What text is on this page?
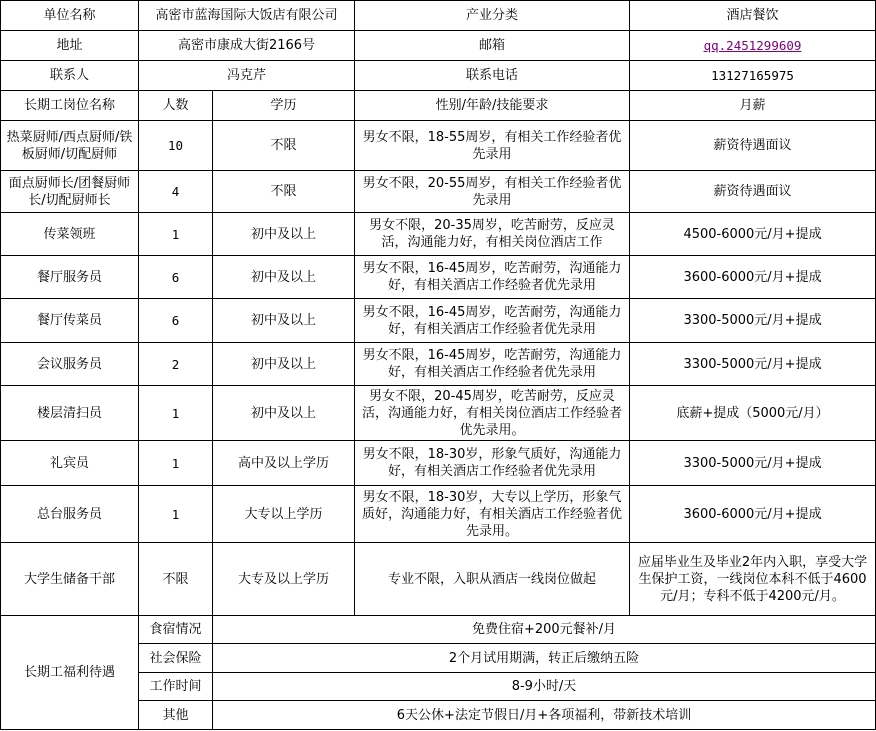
单位名称	高密市蓝海国际大饭店有限公司		产业分类	酒店餐饮
地址	高密市康成大街2166号		邮箱	qq.2451299609
联系人	冯克芹		联系电话	13127165975
长期工岗位名称	人数	学历	性别/年龄/技能要求	月薪

热菜厨师/西点厨师/铁板厨师/切配厨师	10	不限	男女不限，18-55周岁，有相关工作经验者优先录用	薪资待遇面议
面点厨师长/团餐厨师长/切配厨师长	4	不限	男女不限，20-55周岁，有相关工作经验者优先录用	薪资待遇面议
传菜领班	1	初中及以上	男女不限，20-35周岁，吃苦耐劳，反应灵活，沟通能力好，有相关岗位酒店工作	4500-6000元/月+提成
餐厅服务员	6	初中及以上	男女不限，16-45周岁，吃苦耐劳，沟通能力好，有相关酒店工作经验者优先录用	3600-6000元/月+提成
餐厅传菜员	6	初中及以上	男女不限，16-45周岁，吃苦耐劳，沟通能力好，有相关酒店工作经验者优先录用	3300-5000元/月+提成
会议服务员	2	初中及以上	男女不限，16-45周岁，吃苦耐劳，沟通能力好，有相关酒店工作经验者优先录用	3300-5000元/月+提成
楼层清扫员	1	初中及以上	男女不限，20-45周岁，吃苦耐劳，反应灵活，沟通能力好，有相关岗位酒店工作经验者优先录用。	底薪+提成（5000元/月）
礼宾员	1	高中及以上学历	男女不限，18-30岁，形象气质好，沟通能力好，有相关酒店工作经验者优先录用	3300-5000元/月+提成
总台服务员	1	大专以上学历	男女不限，18-30岁，大专以上学历，形象气质好，沟通能力好，有相关酒店工作经验者优先录用。	3600-6000元/月+提成
大学生储备干部	不限	大专及以上学历	专业不限，入职从酒店一线岗位做起	应届毕业生及毕业2年内入职，享受大学生保护工资，一线岗位本科不低于4600元/月；专科不低于4200元/月。
长期工福利待遇	食宿情况	免费住宿+200元餐补/月		
	社会保险	2个月试用期满，转正后缴纳五险		
	工作时间	8-9小时/天		
	其他	6天公休+法定节假日/月+各项福利，带新技术培训		
